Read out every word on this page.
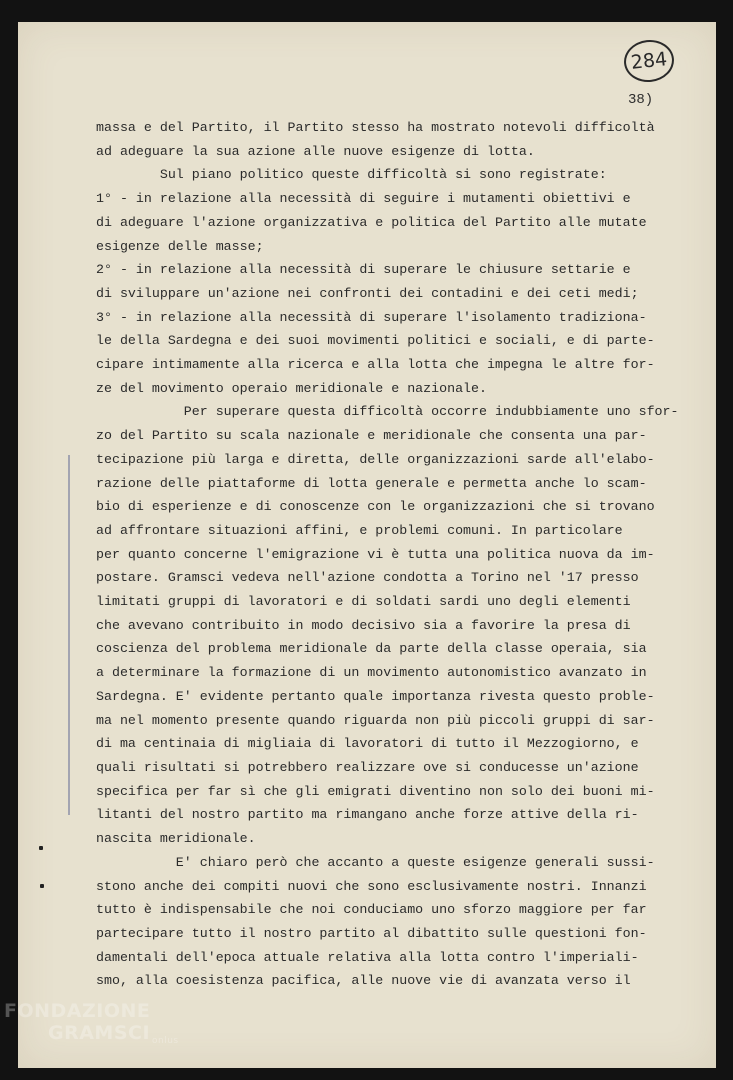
284
38)
massa e del Partito, il Partito stesso ha mostrato notevoli difficoltà
ad adeguare la sua azione alle nuove esigenze di lotta.
Sul piano politico queste difficoltà si sono registrate:
1° - in relazione alla necessità di seguire i mutamenti obiettivi e
di adeguare l'azione organizzativa e politica del Partito alle mutate
esigenze delle masse;
2° - in relazione alla necessità di superare le chiusure settarie e
di sviluppare un'azione nei confronti dei contadini e dei ceti medi;
3° - in relazione alla necessità di superare l'isolamento tradiziona-
le della Sardegna e dei suoi movimenti politici e sociali, e di parte-
cipare intimamente alla ricerca e alla lotta che impegna le altre for-
ze del movimento operaio meridionale e nazionale.
Per superare questa difficoltà occorre indubbiamente uno sfor-
zo del Partito su scala nazionale e meridionale che consenta una par-
tecipazione più larga e diretta, delle organizzazioni sarde all'elabo-
razione delle piattaforme di lotta generale e permetta anche lo scam-
bio di esperienze e di conoscenze con le organizzazioni che si trovano
ad affrontare situazioni affini, e problemi comuni. In particolare
per quanto concerne l'emigrazione vi è tutta una politica nuova da im-
postare. Gramsci vedeva nell'azione condotta a Torino nel '17 presso
limitati gruppi di lavoratori e di soldati sardi uno degli elementi
che avevano contribuito in modo decisivo sia a favorire la presa di
coscienza del problema meridionale da parte della classe operaia, sia
a determinare la formazione di un movimento autonomistico avanzato in
Sardegna. E' evidente pertanto quale importanza rivesta questo proble-
ma nel momento presente quando riguarda non più piccoli gruppi di sar-
di ma centinaia di migliaia di lavoratori di tutto il Mezzogiorno, e
quali risultati si potrebbero realizzare ove si conducesse un'azione
specifica per far sì che gli emigrati diventino non solo dei buoni mi-
litanti del nostro partito ma rimangano anche forze attive della ri-
nascita meridionale.
E' chiaro però che accanto a queste esigenze generali sussi-
stono anche dei compiti nuovi che sono esclusivamente nostri. Innanzi
tutto è indispensabile che noi conduciamo uno sforzo maggiore per far
partecipare tutto il nostro partito al dibattito sulle questioni fon-
damentali dell'epoca attuale relativa alla lotta contro l'imperiali-
smo, alla coesistenza pacifica, alle nuove vie di avanzata verso il
FONDAZIONE
GRAMSCI onlus
